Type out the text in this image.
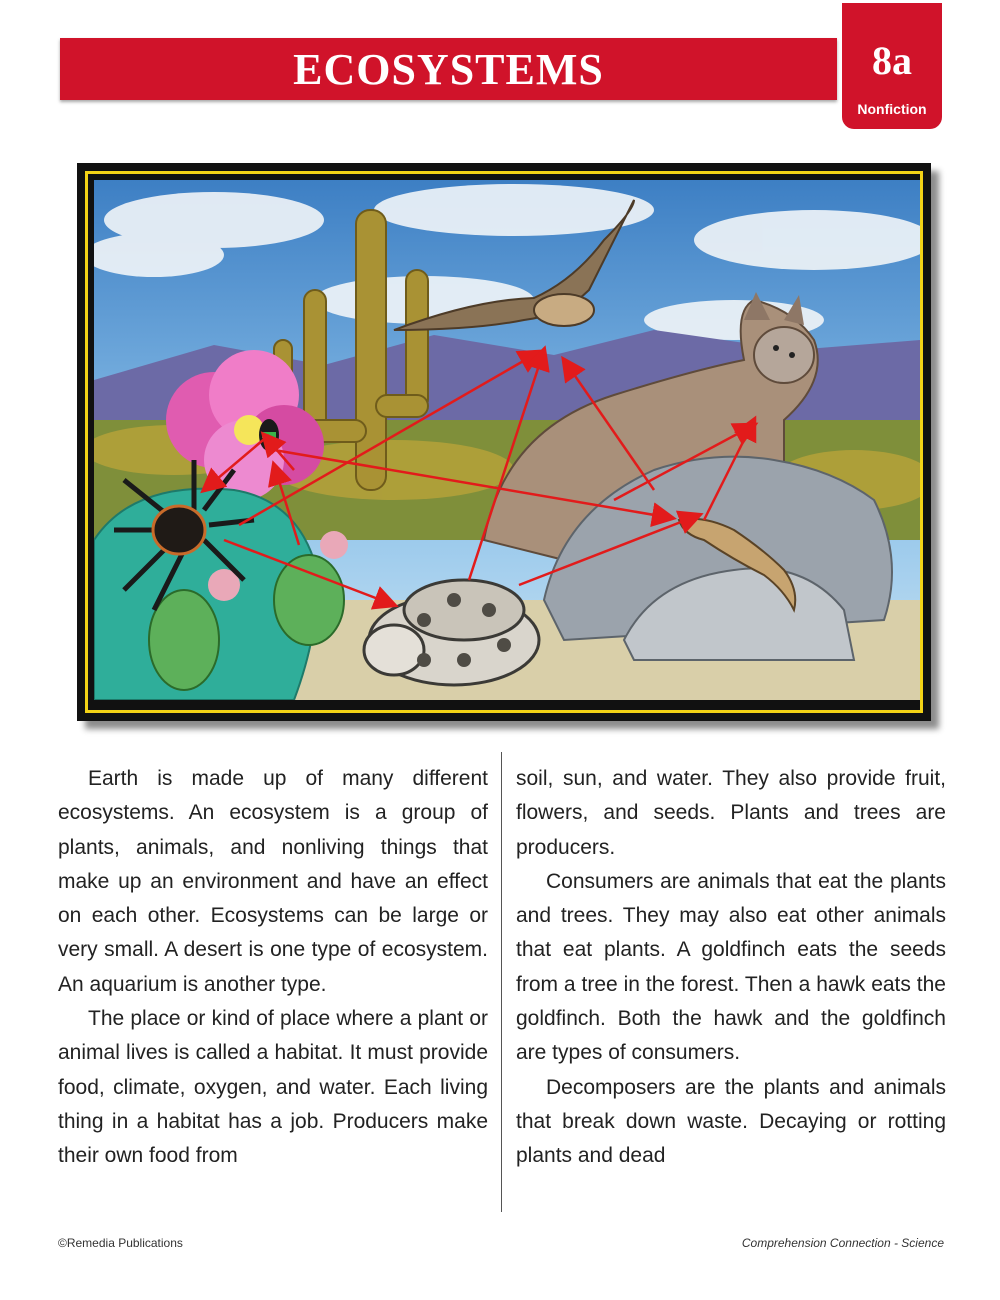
ECOSYSTEMS	8a
Nonfiction

Earth is made up of many different ecosystems. An ecosystem is a group of plants, animals, and nonliving things that make up an environment and have an effect on each other. Ecosystems can be large or very small. A desert is one type of ecosystem. An aquarium is another type.

The place or kind of place where a plant or animal lives is called a habitat. It must provide food, climate, oxygen, and water. Each living thing in a habitat has a job. Producers make their own food from

soil, sun, and water. They also provide fruit, flowers, and seeds. Plants and trees are producers.

Consumers are animals that eat the plants and trees. They may also eat other animals that eat plants. A goldfinch eats the seeds from a tree in the forest. Then a hawk eats the goldfinch. Both the hawk and the goldfinch are types of consumers.

Decomposers are the plants and animals that break down waste. Decaying or rotting plants and dead

©Remedia Publications	Comprehension Connection - Science
